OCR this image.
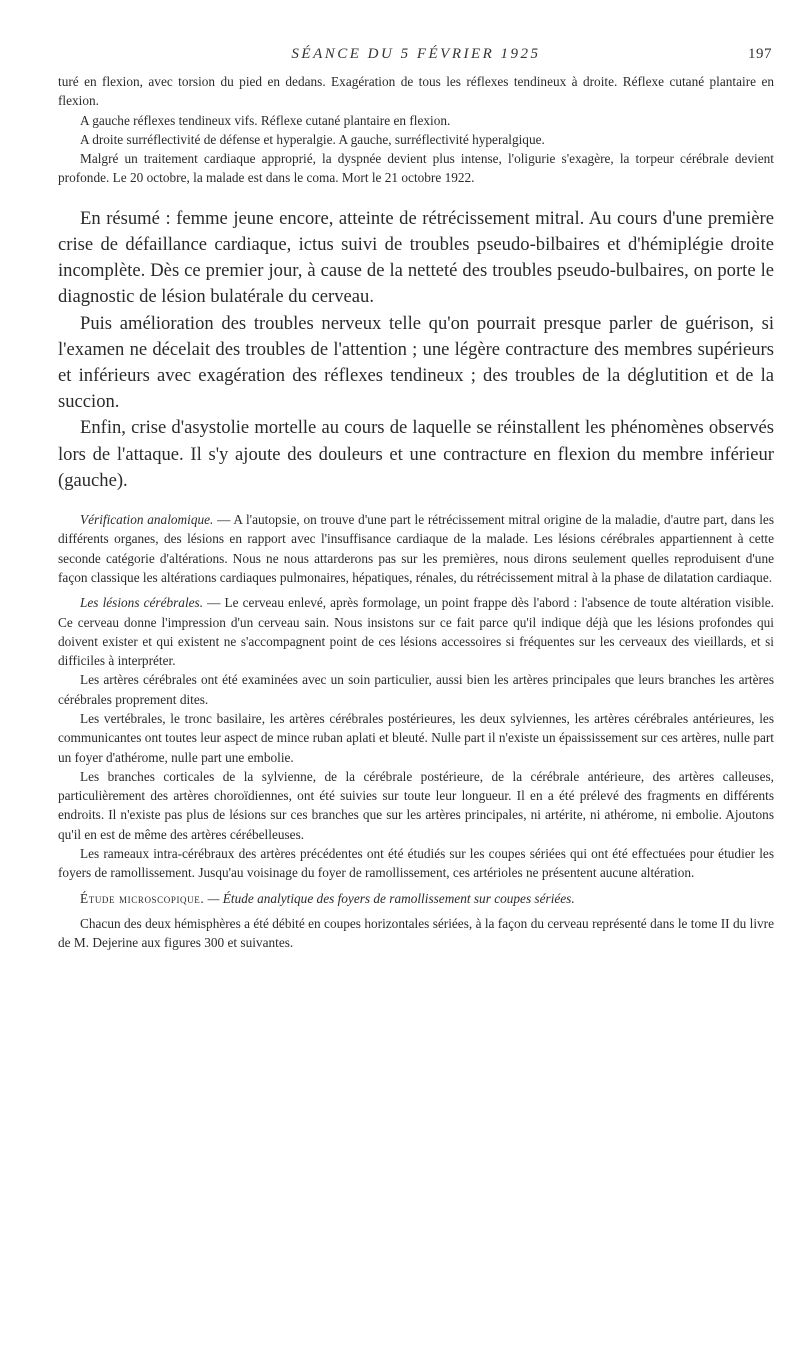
SÉANCE DU 5 FÉVRIER 1925	197

turé en flexion, avec torsion du pied en dedans. Exagération de tous les réflexes tendineux à droite. Réflexe cutané plantaire en flexion.

A gauche réflexes tendineux vifs. Réflexe cutané plantaire en flexion.

A droite surréflectivité de défense et hyperalgie. A gauche, surréflectivité hyperalgique.

Malgré un traitement cardiaque approprié, la dyspnée devient plus intense, l'oligurie s'exagère, la torpeur cérébrale devient profonde. Le 20 octobre, la malade est dans le coma. Mort le 21 octobre 1922.

En résumé : femme jeune encore, atteinte de rétrécissement mitral. Au cours d'une première crise de défaillance cardiaque, ictus suivi de troubles pseudo-bilbaires et d'hémiplégie droite incomplète. Dès ce premier jour, à cause de la netteté des troubles pseudo-bulbaires, on porte le diagnostic de lésion bulatérale du cerveau.

Puis amélioration des troubles nerveux telle qu'on pourrait presque parler de guérison, si l'examen ne décelait des troubles de l'attention ; une légère contracture des membres supérieurs et inférieurs avec exagération des réflexes tendineux ; des troubles de la déglutition et de la succion.

Enfin, crise d'asystolie mortelle au cours de laquelle se réinstallent les phénomènes observés lors de l'attaque. Il s'y ajoute des douleurs et une contracture en flexion du membre inférieur (gauche).

Vérification analomique. — A l'autopsie, on trouve d'une part le rétrécissement mitral origine de la maladie, d'autre part, dans les différents organes, des lésions en rapport avec l'insuffisance cardiaque de la malade. Les lésions cérébrales appartiennent à cette seconde catégorie d'altérations. Nous ne nous attarderons pas sur les premières, nous dirons seulement quelles reproduisent d'une façon classique les altérations cardiaques pulmonaires, hépatiques, rénales, du rétrécissement mitral à la phase de dilatation cardiaque.

Les lésions cérébrales. — Le cerveau enlevé, après formolage, un point frappe dès l'abord : l'absence de toute altération visible. Ce cerveau donne l'impression d'un cerveau sain. Nous insistons sur ce fait parce qu'il indique déjà que les lésions profondes qui doivent exister et qui existent ne s'accompagnent point de ces lésions accessoires si fréquentes sur les cerveaux des vieillards, et si difficiles à interpréter.

Les artères cérébrales ont été examinées avec un soin particulier, aussi bien les artères principales que leurs branches les artères cérébrales proprement dites.

Les vertébrales, le tronc basilaire, les artères cérébrales postérieures, les deux sylviennes, les artères cérébrales antérieures, les communicantes ont toutes leur aspect de mince ruban aplati et bleuté. Nulle part il n'existe un épaississement sur ces artères, nulle part un foyer d'athérome, nulle part une embolie.

Les branches corticales de la sylvienne, de la cérébrale postérieure, de la cérébrale antérieure, des artères calleuses, particulièrement des artères choroïdiennes, ont été suivies sur toute leur longueur. Il en a été prélevé des fragments en différents endroits. Il n'existe pas plus de lésions sur ces branches que sur les artères principales, ni artérite, ni athérome, ni embolie. Ajoutons qu'il en est de même des artères cérébelleuses.

Les rameaux intra-cérébraux des artères précédentes ont été étudiés sur les coupes sériées qui ont été effectuées pour étudier les foyers de ramollissement. Jusqu'au voisinage du foyer de ramollissement, ces artérioles ne présentent aucune altération.

Étude microscopique. — Étude analytique des foyers de ramollissement sur coupes sériées.

Chacun des deux hémisphères a été débité en coupes horizontales sériées, à la façon du cerveau représenté dans le tome II du livre de M. Dejerine aux figures 300 et suivantes.
